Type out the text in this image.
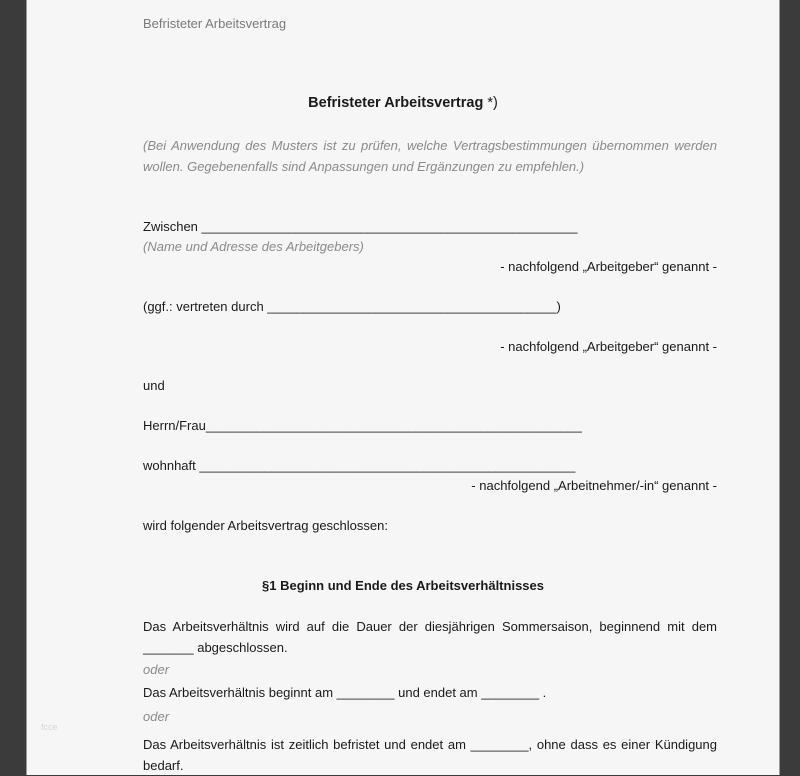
Befristeter Arbeitsvertrag
Befristeter Arbeitsvertrag *)
(Bei Anwendung des Musters ist zu prüfen, welche Vertragsbestimmungen übernommen werden wollen. Gegebenenfalls sind Anpassungen und Ergänzungen zu empfehlen.)
Zwischen ____________________________________________________
(Name und Adresse des Arbeitgebers)
- nachfolgend „Arbeitgeber“ genannt -
(ggf.: vertreten durch ________________________________________)
- nachfolgend „Arbeitgeber“ genannt -
und
Herrn/Frau____________________________________________________
wohnhaft ____________________________________________________
- nachfolgend „Arbeitnehmer/-in“ genannt -
wird folgender Arbeitsvertrag geschlossen:
§1 Beginn und Ende des Arbeitsverhältnisses
Das Arbeitsverhältnis wird auf die Dauer der diesjährigen Sommersaison, beginnend mit dem _______ abgeschlossen.
oder
Das Arbeitsverhältnis beginnt am ________ und endet am ________ .
oder
Das Arbeitsverhältnis ist zeitlich befristet und endet am ________, ohne dass es einer Kündigung bedarf.
fcce
